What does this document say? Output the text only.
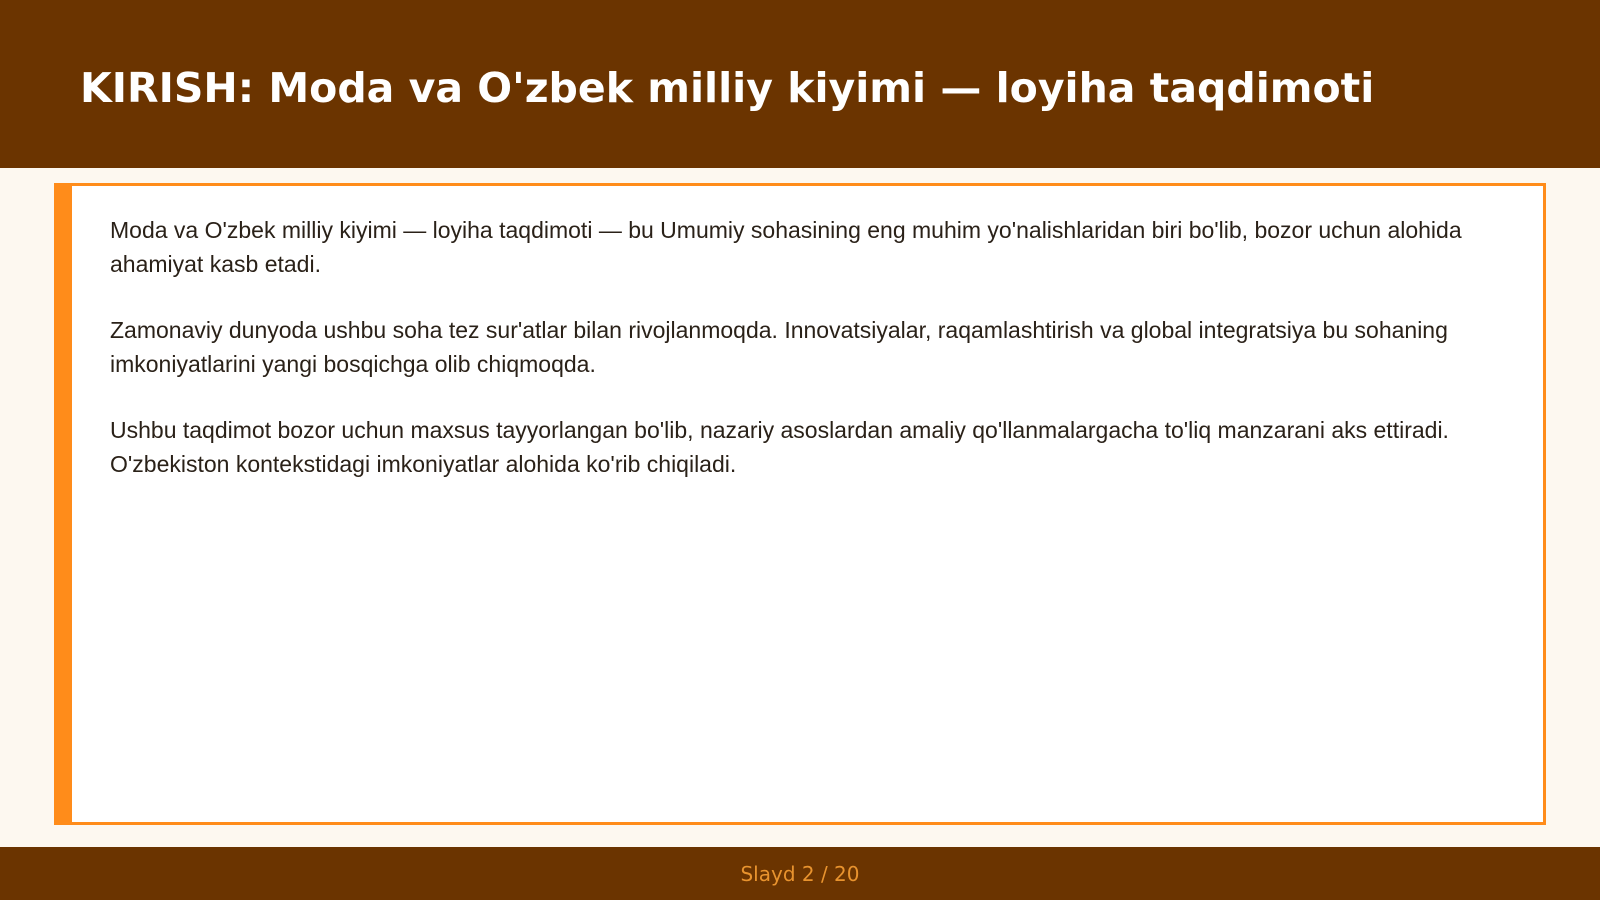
KIRISH: Moda va O'zbek milliy kiyimi — loyiha taqdimoti

Moda va O'zbek milliy kiyimi — loyiha taqdimoti — bu Umumiy sohasining eng muhim yo'nalishlaridan biri bo'lib, bozor uchun alohida ahamiyat kasb etadi.

Zamonaviy dunyoda ushbu soha tez sur'atlar bilan rivojlanmoqda. Innovatsiyalar, raqamlashtirish va global integratsiya bu sohaning imkoniyatlarini yangi bosqichga olib chiqmoqda.

Ushbu taqdimot bozor uchun maxsus tayyorlangan bo'lib, nazariy asoslardan amaliy qo'llanmalargacha to'liq manzarani aks ettiradi. O'zbekiston kontekstidagi imkoniyatlar alohida ko'rib chiqiladi.

Slayd 2 / 20
